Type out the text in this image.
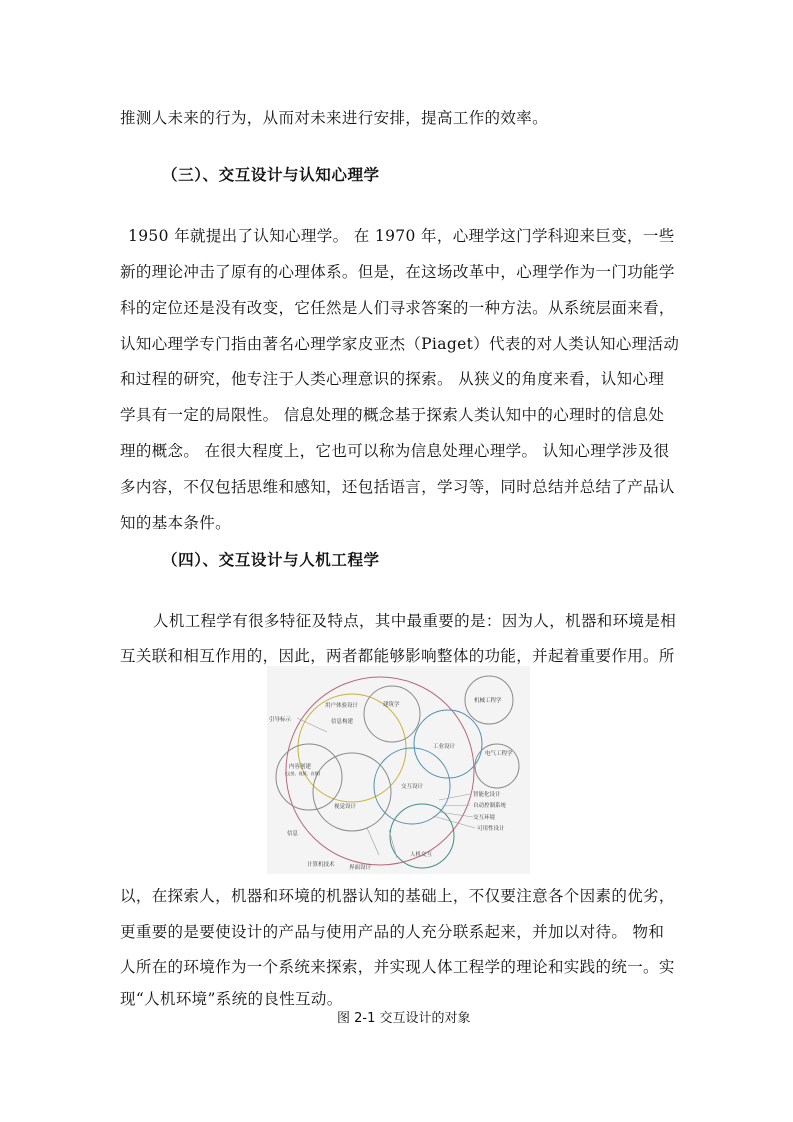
推测人未来的行为，从而对未来进行安排，提高工作的效率。
（三）、交互设计与认知心理学
1950 年就提出了认知心理学。 在 1970 年，心理学这门学科迎来巨变，一些
新的理论冲击了原有的心理体系。但是，在这场改革中，心理学作为一门功能学
科的定位还是没有改变，它任然是人们寻求答案的一种方法。从系统层面来看，
认知心理学专门指由著名心理学家皮亚杰（Piaget）代表的对人类认知心理活动
和过程的研究，他专注于人类心理意识的探索。 从狭义的角度来看，认知心理
学具有一定的局限性。 信息处理的概念基于探索人类认知中的心理时的信息处
理的概念。 在很大程度上，它也可以称为信息处理心理学。 认知心理学涉及很
多内容，不仅包括思维和感知，还包括语言，学习等，同时总结并总结了产品认
知的基本条件。
（四）、交互设计与人机工程学
人机工程学有很多特征及特点，其中最重要的是：因为人，机器和环境是相
互关联和相互作用的，因此，两者都能够影响整体的功能，并起着重要作用。所
用户体验设计	建筑学
机械工程学
信息构建
引导标示
工业设计
电气工程学
内容创建
(文图、视频、音频)
交互设计
智能化设计
自动控制系统
交互环境
可用性设计
视觉设计
信息
人机交互
计算机技术	界面设计
以，在探索人，机器和环境的机器认知的基础上，不仅要注意各个因素的优劣，
更重要的是要使设计的产品与使用产品的人充分联系起来，并加以对待。 物和
人所在的环境作为一个系统来探索，并实现人体工程学的理论和实践的统一。实
现“人机环境”系统的良性互动。
图 2-1 交互设计的对象
